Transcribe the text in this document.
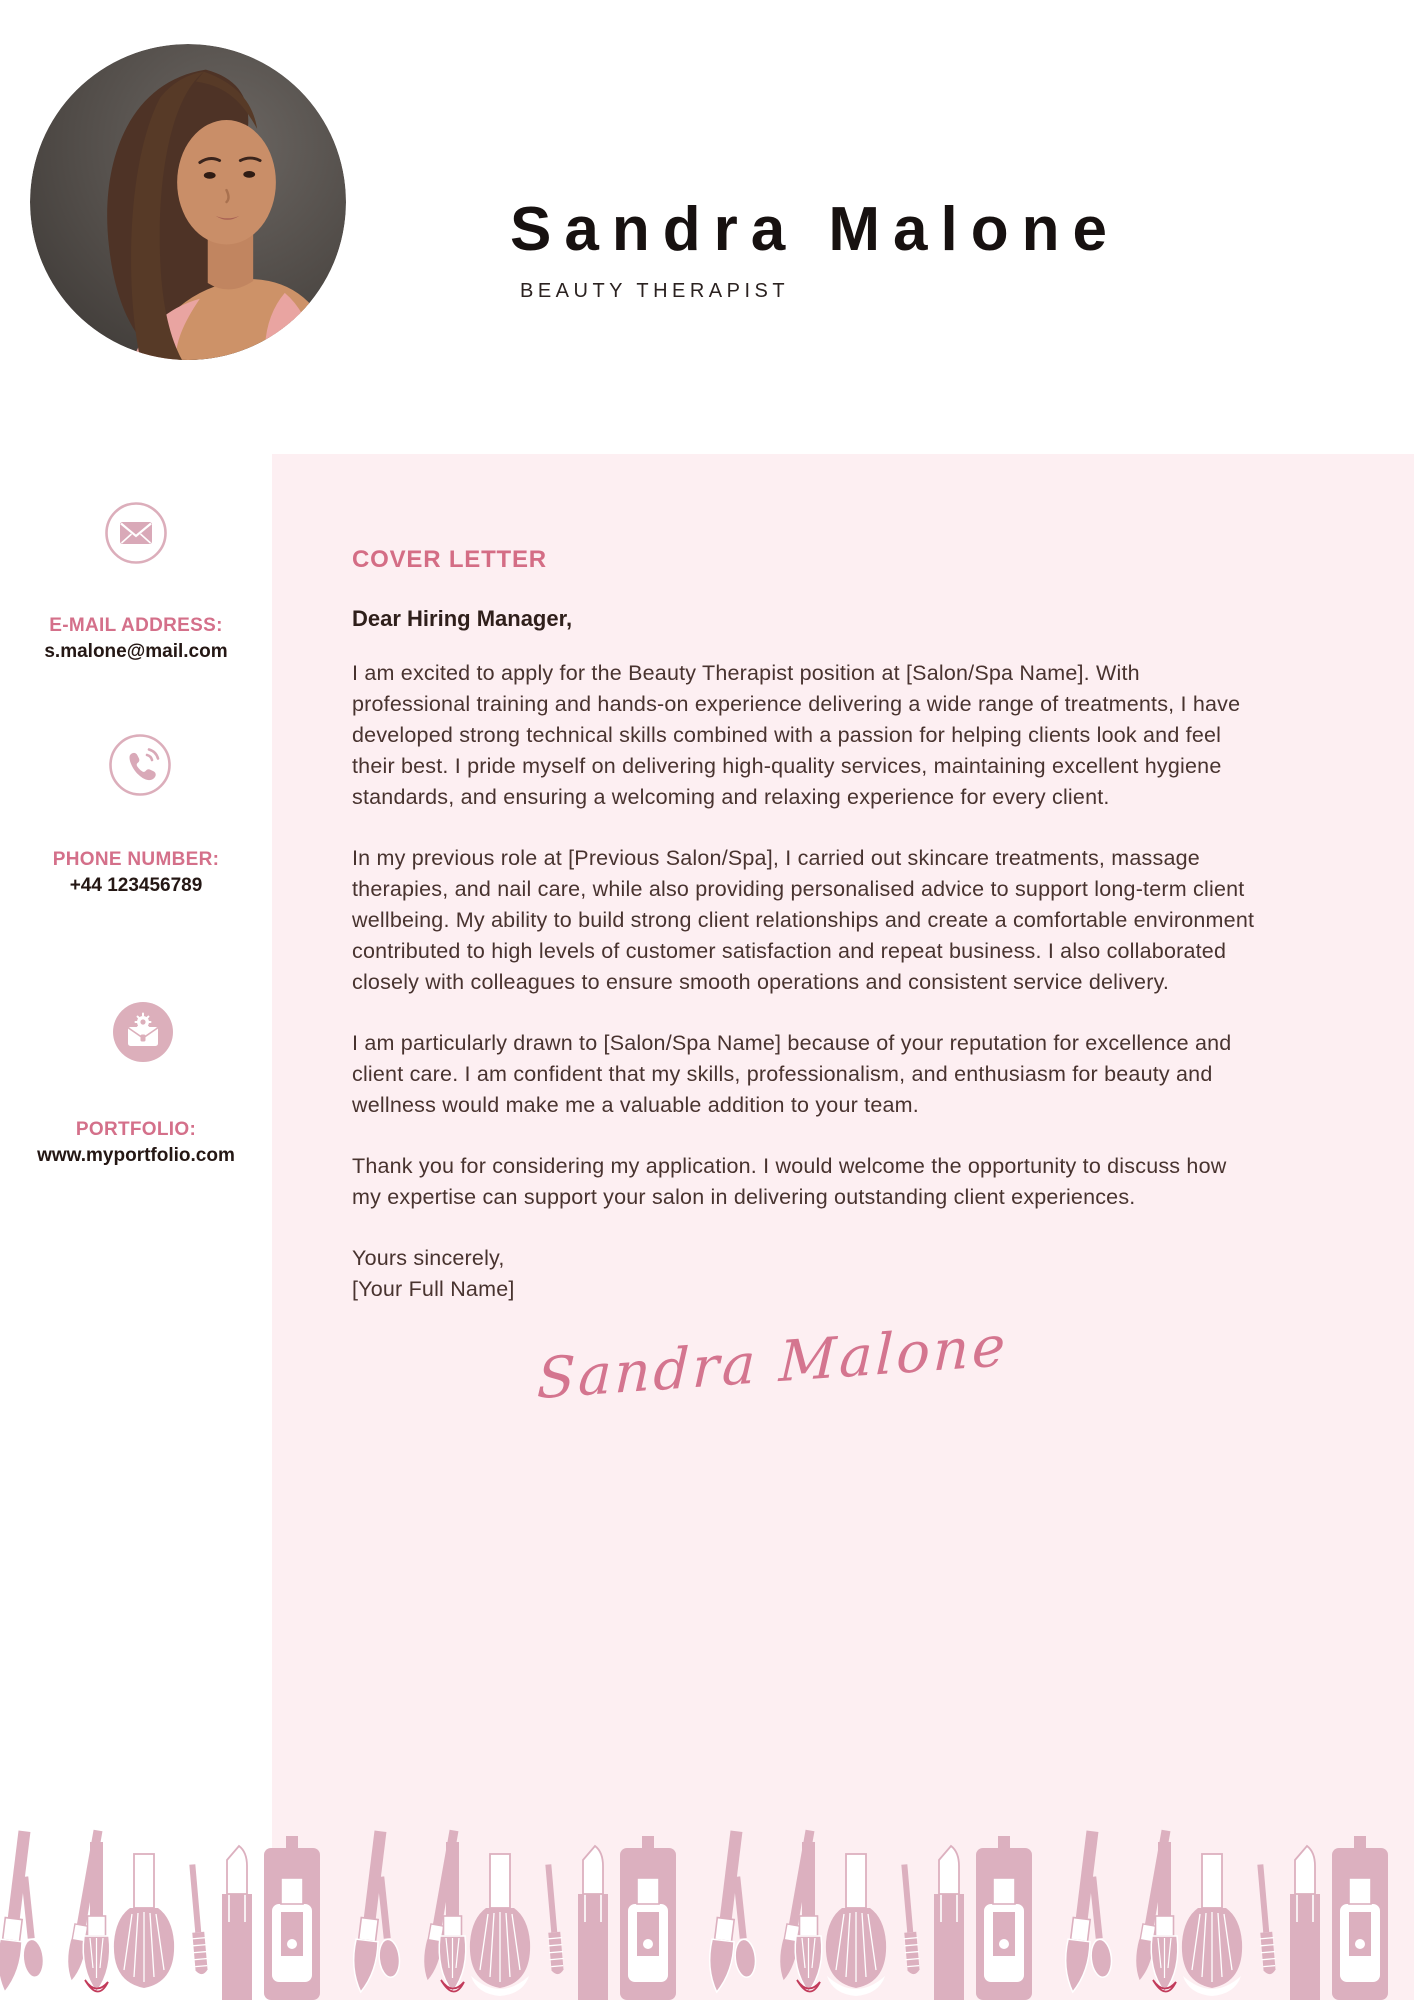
Sandra Malone
BEAUTY THERAPIST
COVER LETTER
Dear Hiring Manager,

I am excited to apply for the Beauty Therapist position at [Salon/Spa Name]. With professional training and hands-on experience delivering a wide range of treatments, I have developed strong technical skills combined with a passion for helping clients look and feel their best. I pride myself on delivering high-quality services, maintaining excellent hygiene standards, and ensuring a welcoming and relaxing experience for every client.

In my previous role at [Previous Salon/Spa], I carried out skincare treatments, massage therapies, and nail care, while also providing personalised advice to support long-term client wellbeing. My ability to build strong client relationships and create a comfortable environment contributed to high levels of customer satisfaction and repeat business. I also collaborated closely with colleagues to ensure smooth operations and consistent service delivery.

I am particularly drawn to [Salon/Spa Name] because of your reputation for excellence and client care. I am confident that my skills, professionalism, and enthusiasm for beauty and wellness would make me a valuable addition to your team.

Thank you for considering my application. I would welcome the opportunity to discuss how my expertise can support your salon in delivering outstanding client experiences.

Yours sincerely,
[Your Full Name]

Sandra Malone
E-MAIL ADDRESS:
s.malone@mail.com
PHONE NUMBER:
+44 123456789
PORTFOLIO:
www.myportfolio.com
